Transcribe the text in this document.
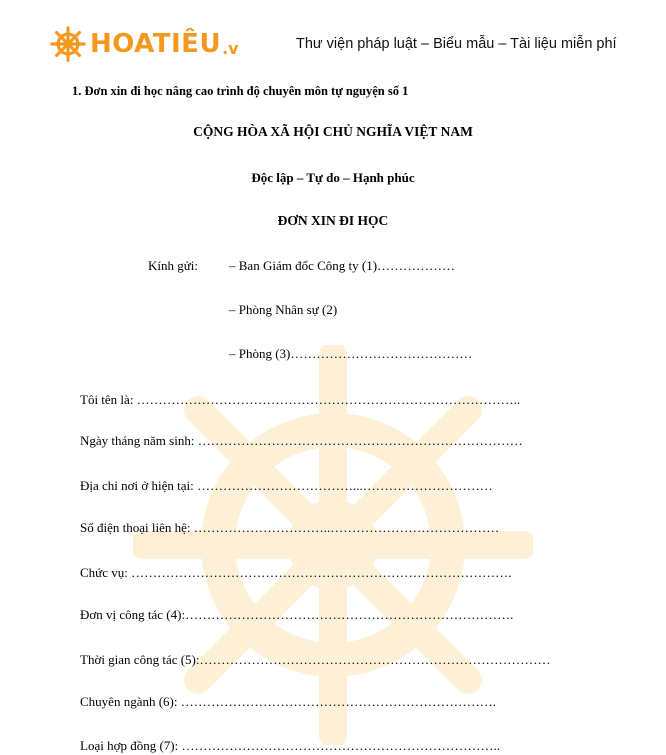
HOATIÊU .v	Thư viện pháp luật – Biểu mẫu – Tài liệu miễn phí
1. Đơn xin đi học nâng cao trình độ chuyên môn tự nguyện số 1
CỘNG HÒA XÃ HỘI CHỦ NGHĨA VIỆT NAM
Độc lập – Tự do – Hạnh phúc
ĐƠN XIN ĐI HỌC
Kính gửi: – Ban Giám đốc Công ty (1)………………
– Phòng Nhân sự (2)
– Phòng (3)……………………………………
Tôi tên là: ……………………………………………………………………………..
Ngày tháng năm sinh: …………………………………………………………………
Địa chỉ nơi ở hiện tại: ………………………………...…………………………
Số điện thoại liên hệ: …………………………..…………………………………
Chức vụ: …………………………………………………………………………….
Đơn vị công tác (4):………………………………………………………………….
Thời gian công tác (5):………………………………………………………………………
Chuyên ngành (6): ……………………………………………………………….
Loại hợp đồng (7): ………………………………………………………………..
